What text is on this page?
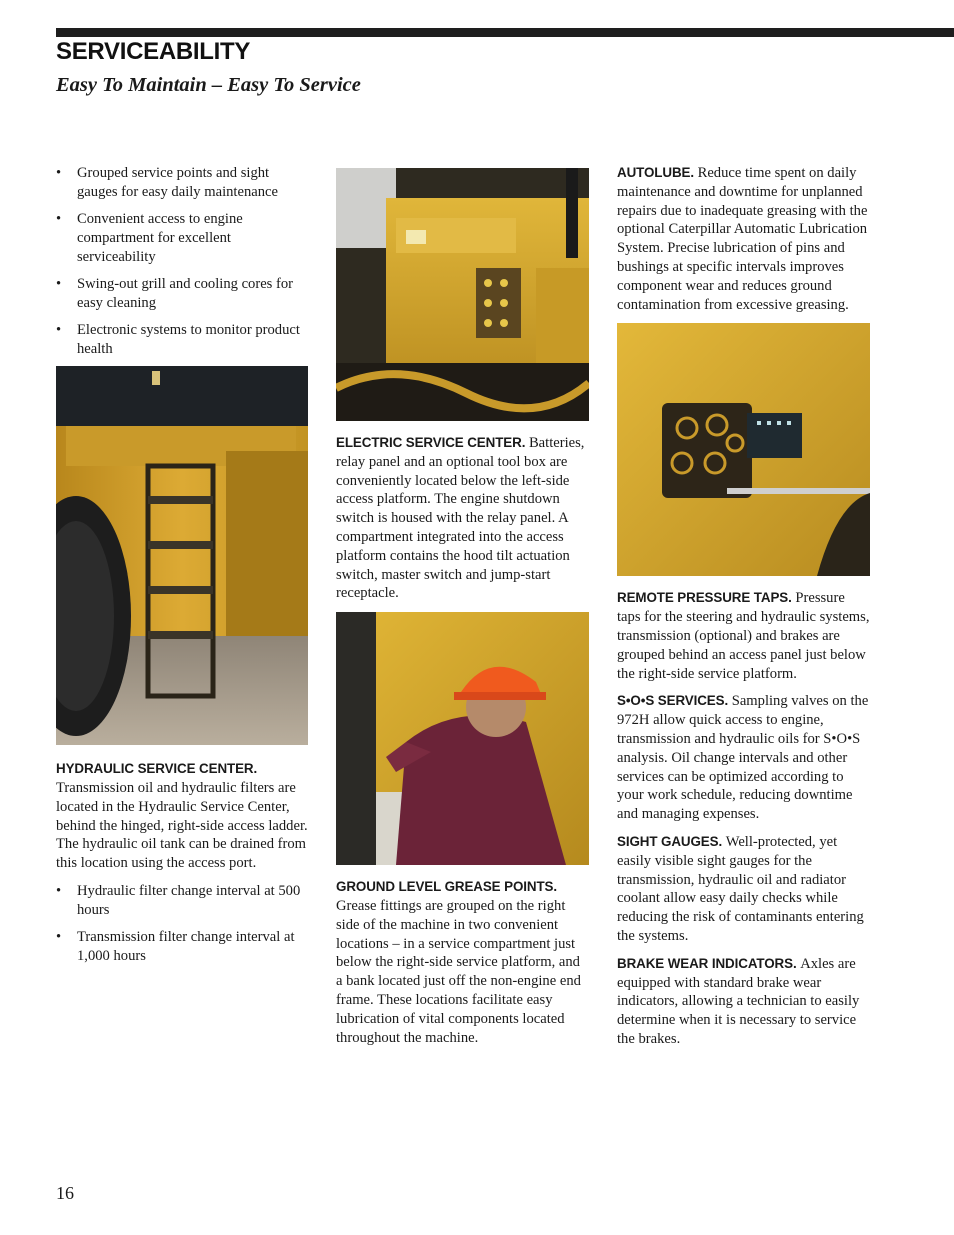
SERVICEABILITY
Easy To Maintain – Easy To Service
• Grouped service points and sight gauges for easy daily maintenance
• Convenient access to engine compartment for excellent serviceability
• Swing-out grill and cooling cores for easy cleaning
• Electronic systems to monitor product health

HYDRAULIC SERVICE CENTER.
Transmission oil and hydraulic filters are located in the Hydraulic Service Center, behind the hinged, right-side access ladder. The hydraulic oil tank can be drained from this location using the access port.

• Hydraulic filter change interval at 500 hours
• Transmission filter change interval at 1,000 hours

ELECTRIC SERVICE CENTER. Batteries, relay panel and an optional tool box are conveniently located below the left-side access platform. The engine shutdown switch is housed with the relay panel. A compartment integrated into the access platform contains the hood tilt actuation switch, master switch and jump-start receptacle.

GROUND LEVEL GREASE POINTS.
Grease fittings are grouped on the right side of the machine in two convenient locations – in a service compartment just below the right-side service platform, and a bank located just off the non-engine end frame. These locations facilitate easy lubrication of vital components located throughout the machine.

AUTOLUBE. Reduce time spent on daily maintenance and downtime for unplanned repairs due to inadequate greasing with the optional Caterpillar Automatic Lubrication System. Precise lubrication of pins and bushings at specific intervals improves component wear and reduces ground contamination from excessive greasing.

REMOTE PRESSURE TAPS. Pressure taps for the steering and hydraulic systems, transmission (optional) and brakes are grouped behind an access panel just below the right-side service platform.

S•O•S SERVICES. Sampling valves on the 972H allow quick access to engine, transmission and hydraulic oils for S•O•S analysis. Oil change intervals and other services can be optimized according to your work schedule, reducing downtime and managing expenses.

SIGHT GAUGES. Well-protected, yet easily visible sight gauges for the transmission, hydraulic oil and radiator coolant allow easy daily checks while reducing the risk of contaminants entering the systems.

BRAKE WEAR INDICATORS. Axles are equipped with standard brake wear indicators, allowing a technician to easily determine when it is necessary to service the brakes.

16
